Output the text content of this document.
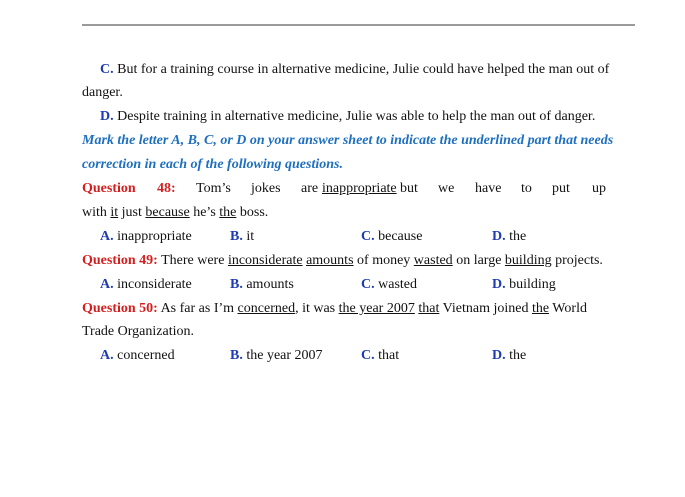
C. But for a training course in alternative medicine, Julie could have helped the man out of
danger.
D. Despite training in alternative medicine, Julie was able to help the man out of danger.
Mark the letter A, B, C, or D on your answer sheet to indicate the underlined part that needs
correction in each of the following questions.
Question 48: Tom’s jokes are inappropriate but we have to put up
with it just because he’s the boss.
A. inappropriate	B. it	C. because	D. the
Question 49: There were inconsiderate amounts of money wasted on large building projects.
A. inconsiderate	B. amounts	C. wasted	D. building
Question 50: As far as I’m concerned, it was the year 2007 that Vietnam joined the World
Trade Organization.
A. concerned	B. the year 2007	C. that	D. the
